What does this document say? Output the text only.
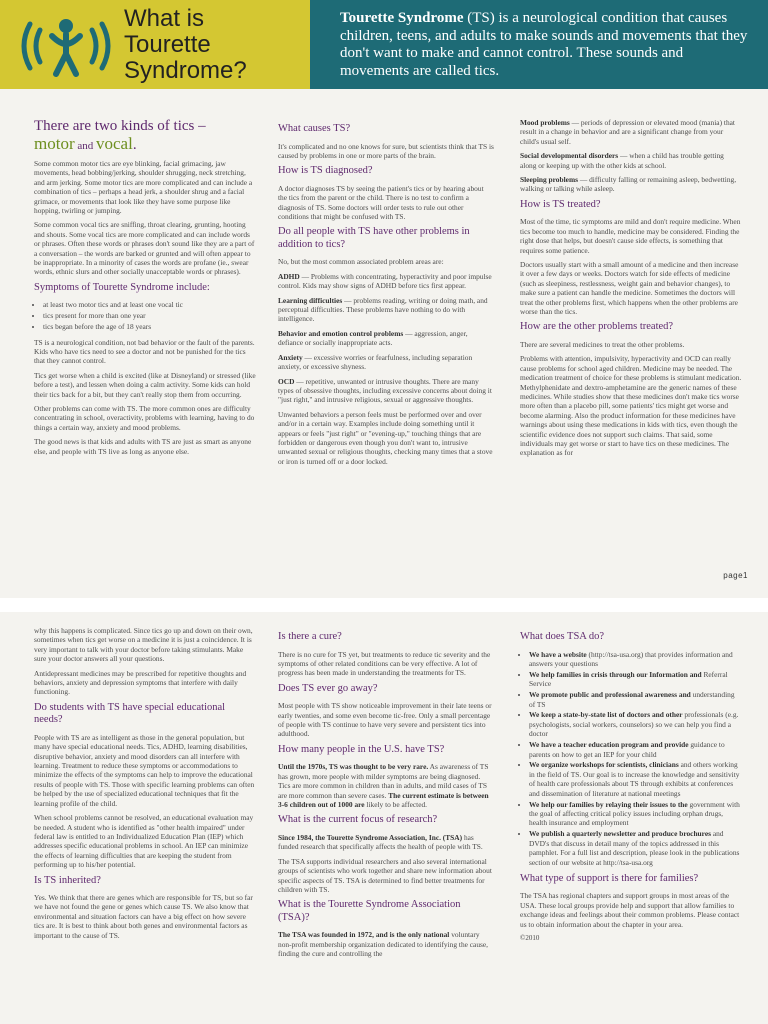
What is
Tourette
Syndrome?
Tourette Syndrome (TS) is a neurological condition that causes children, teens, and adults to make sounds and movements that they don't want to make and cannot control. These sounds and movements are called tics.
There are two kinds of tics –
motor and vocal.

Some common motor tics are eye blinking, facial grimacing, jaw movements, head bobbing/jerking, shoulder shrugging, neck stretching, and arm jerking. Some motor tics are more complicated and can include a combination of tics – perhaps a head jerk, a shoulder shrug and a facial grimace, or movements that look like they have some purpose like hopping, twirling or jumping.

Some common vocal tics are sniffing, throat clearing, grunting, hooting and shouts. Some vocal tics are more complicated and can include words or phrases. Often these words or phrases don't sound like they are a part of a conversation – the words are barked or grunted and will often appear to be inappropriate. In a minority of cases the words are profane (ie., swear words, ethnic slurs and other socially unacceptable words or phrases).

Symptoms of Tourette Syndrome include:
• at least two motor tics and at least one vocal tic
• tics present for more than one year
• tics began before the age of 18 years

TS is a neurological condition, not bad behavior or the fault of the parents. Kids who have tics need to see a doctor and not be punished for the tics that they cannot control.

Tics get worse when a child is excited (like at Disneyland) or stressed (like before a test), and lessen when doing a calm activity. Some kids can hold their tics back for a bit, but they can't really stop them from occurring.

Other problems can come with TS. The more common ones are difficulty concentrating in school, overactivity, problems with learning, having to do things a certain way, anxiety and mood problems.

The good news is that kids and adults with TS are just as smart as anyone else, and people with TS live as long as anyone else.

What causes TS?

It's complicated and no one knows for sure, but scientists think that TS is caused by problems in one or more parts of the brain.

How is TS diagnosed?

A doctor diagnoses TS by seeing the patient's tics or by hearing about the tics from the parent or the child. There is no test to confirm a diagnosis of TS. Some doctors will order tests to rule out other conditions that might be confused with TS.

Do all people with TS have other problems in addition to tics?

No, but the most common associated problem areas are:

ADHD — Problems with concentrating, hyperactivity and poor impulse control. Kids may show signs of ADHD before tics first appear.

Learning difficulties — problems reading, writing or doing math, and perceptual difficulties. These problems have nothing to do with intelligence.

Behavior and emotion control problems — aggression, anger, defiance or socially inappropriate acts.

Anxiety — excessive worries or fearfulness, including separation anxiety, or excessive shyness.

OCD — repetitive, unwanted or intrusive thoughts. There are many types of obsessive thoughts, including excessive concerns about doing it "just right," and intrusive religious, sexual or aggressive thoughts.

Unwanted behaviors a person feels must be performed over and over and/or in a certain way. Examples include doing something until it appears or feels "just right" or "evening-up," touching things that are forbidden or dangerous even though you don't want to, intrusive unwanted sexual or religious thoughts, checking many times that a stove or iron is turned off or a door locked.

Mood problems — periods of depression or elevated mood (mania) that result in a change in behavior and are a significant change from your child's usual self.

Social developmental disorders — when a child has trouble getting along or keeping up with the other kids at school.

Sleeping problems — difficulty falling or remaining asleep, bedwetting, walking or talking while asleep.

How is TS treated?

Most of the time, tic symptoms are mild and don't require medicine. When tics become too much to handle, medicine may be considered. Finding the right dose that helps, but doesn't cause side effects, is something that requires some patience.

Doctors usually start with a small amount of a medicine and then increase it over a few days or weeks. Doctors watch for side effects of medicine (such as sleepiness, restlessness, weight gain and behavior changes), to make sure a patient can handle the medicine. Sometimes the doctors will treat the other problems first, which happens when the other problems are worse than the tics.

How are the other problems treated?

There are several medicines to treat the other problems.

Problems with attention, impulsivity, hyperactivity and OCD can really cause problems for school aged children. Medicine may be needed. The medication treatment of choice for these problems is stimulant medication. Methylphenidate and dextro-amphetamine are the generic names of these medicines. While studies show that these medicines don't make tics worse more often than a placebo pill, some patients' tics might get worse and become alarming. Also the product information for these medicines have warnings about using these medications in kids with tics, even though the scientific evidence does not support such claims. That said, some individuals may get worse or start to have tics on these medicines. The explanation as for

page1

why this happens is complicated. Since tics go up and down on their own, sometimes when tics get worse on a medicine it is just a coincidence. It is very important to talk with your doctor before taking stimulants. Make sure your doctor answers all your questions.

Antidepressant medicines may be prescribed for repetitive thoughts and behaviors, anxiety and depression symptoms that interfere with daily functioning.

Do students with TS have special educational needs?

People with TS are as intelligent as those in the general population, but many have special educational needs. Tics, ADHD, learning disabilities, disruptive behavior, anxiety and mood disorders can all interfere with learning. Treatment to reduce these symptoms or accommodations to minimize the effects of the symptoms can help to improve the educational results of people with TS. Those with specific learning problems can often be helped by the use of specialized educational techniques that fit the learning profile of the child.

When school problems cannot be resolved, an educational evaluation may be needed. A student who is identified as "other health impaired" under federal law is entitled to an Individualized Education Plan (IEP) which addresses specific educational problems in school. An IEP can minimize the effects of learning difficulties that are keeping the student from performing up to his/her potential.

Is TS inherited?

Yes. We think that there are genes which are responsible for TS, but so far we have not found the gene or genes which cause TS. We also know that environmental and situation factors can have a big effect on how severe tics are. It is best to think about both genes and environmental factors as important to the cause of TS.

Is there a cure?

There is no cure for TS yet, but treatments to reduce tic severity and the symptoms of other related conditions can be very effective. A lot of progress has been made in understanding the treatments for TS.

Does TS ever go away?

Most people with TS show noticeable improvement in their late teens or early twenties, and some even become tic-free. Only a small percentage of people with TS continue to have very severe and persistent tics into adulthood.

How many people in the U.S. have TS?

Until the 1970s, TS was thought to be very rare. As awareness of TS has grown, more people with milder symptoms are being diagnosed. Tics are more common in children than in adults, and mild cases of TS are more common than severe cases. The current estimate is between 3-6 children out of 1000 are likely to be affected.

What is the current focus of research?

Since 1984, the Tourette Syndrome Association, Inc. (TSA) has funded research that specifically affects the health of people with TS.

The TSA supports individual researchers and also several international groups of scientists who work together and share new information about specific aspects of TS. TSA is determined to find better treatments for children with TS.

What is the Tourette Syndrome Association (TSA)?

The TSA was founded in 1972, and is the only national voluntary non-profit membership organization dedicated to identifying the cause, finding the cure and controlling the

What does TSA do?
• We have a website (http://tsa-usa.org) that provides information and answers your questions
• We help families in crisis through our Information and Referral Service
• We promote public and professional awareness and understanding of TS
• We keep a state-by-state list of doctors and other professionals (e.g. psychologists, social workers, counselors) so we can help you find a doctor
• We have a teacher education program and provide guidance to parents on how to get an IEP for your child
• We organize workshops for scientists, clinicians and others working in the field of TS. Our goal is to increase the knowledge and sensitivity of health care professionals about TS through exhibits at conferences and dissemination of literature at national meetings
• We help our families by relaying their issues to the government with the goal of affecting critical policy issues including orphan drugs, health insurance and employment
• We publish a quarterly newsletter and produce brochures and DVD's that discuss in detail many of the topics addressed in this pamphlet. For a full list and description, please look in the publications section of our website at http://tsa-usa.org
What type of support is there for families?

The TSA has regional chapters and support groups in most areas of the USA. These local groups provide help and support that allow families to exchange ideas and feelings about their common problems. Please contact us to obtain information about the chapter in your area.

©2010
